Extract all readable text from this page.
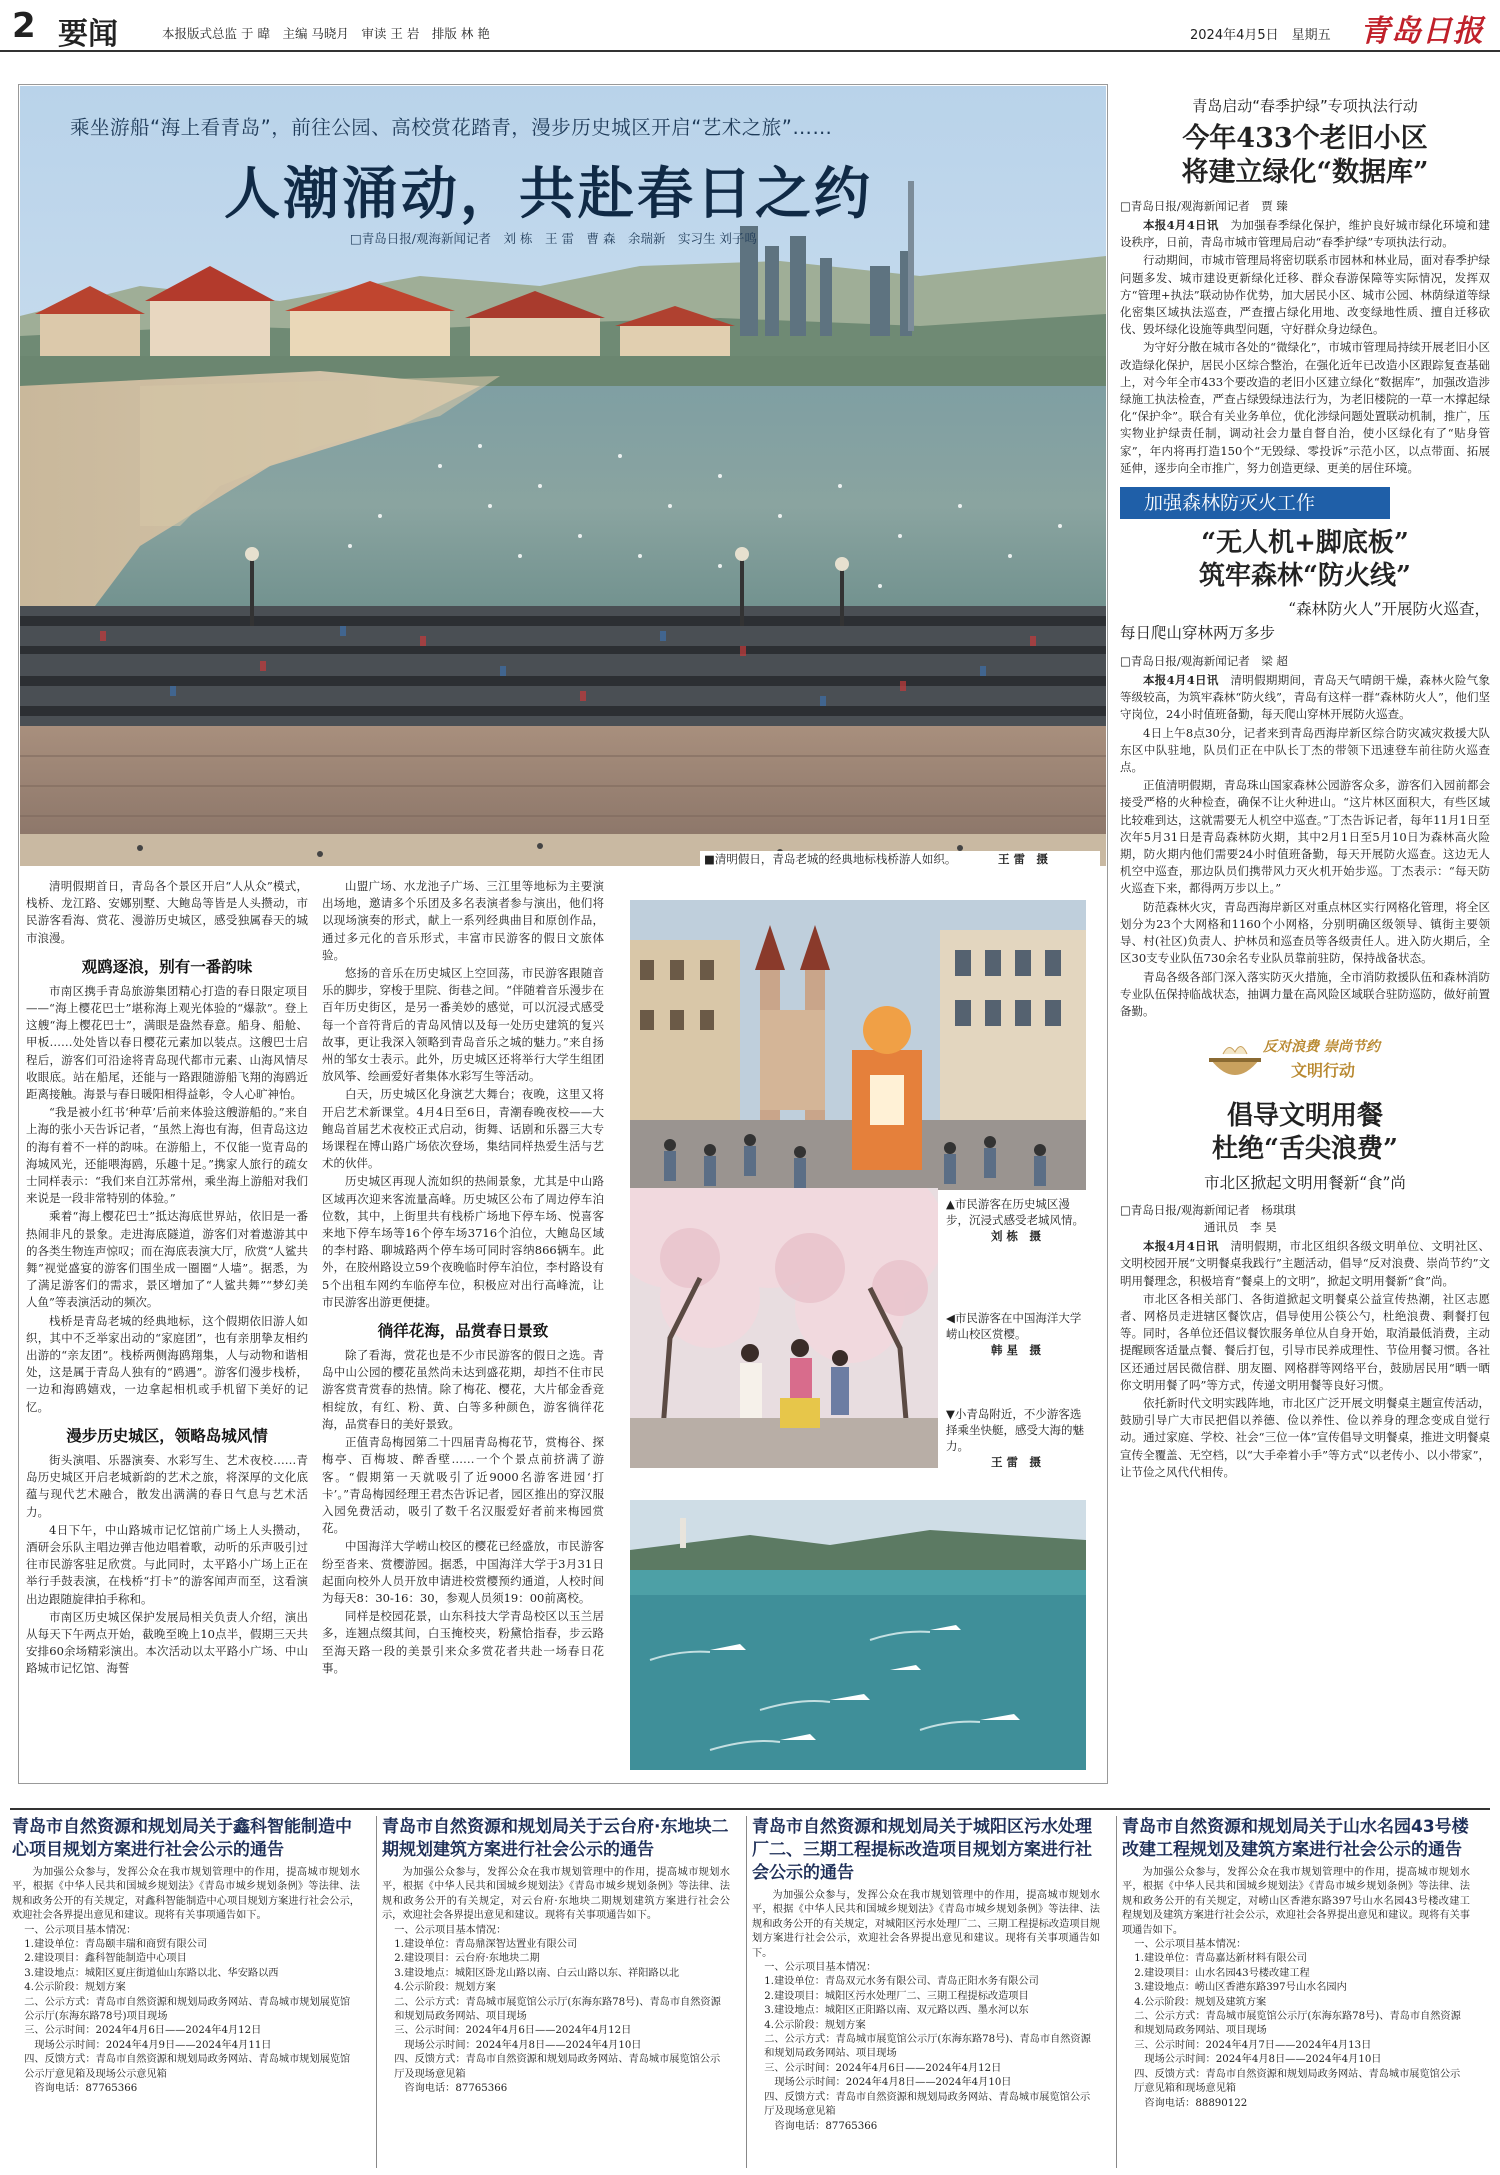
2 要闻	本报版式总监 于 暐　主编 马晓月　审读 王 岩　排版 林 艳	2024年4月5日　星期五 青岛日报
乘坐游船“海上看青岛”，前往公园、高校赏花踏青，漫步历史城区开启“艺术之旅”……
人潮涌动，共赴春日之约
□青岛日报/观海新闻记者　刘 栋　王 雷　曹 森　余瑞新　实习生 刘子鸣
■清明假日，青岛老城的经典地标栈桥游人如织。	王 雷　摄
清明假期首日，青岛各个景区开启“人从众”模式，栈桥、龙江路、安娜别墅、大鲍岛等皆是人头攒动，市民游客看海、赏花、漫游历史城区，感受独属春天的城市浪漫。
观鸥逐浪，别有一番韵味
市南区携手青岛旅游集团精心打造的春日限定项目——“海上樱花巴士”堪称海上观光体验的“爆款”。登上这艘“海上樱花巴士”，满眼是盎然春意。船身、船舱、甲板……处处皆以春日樱花元素加以装点。这艘巴士启程后，游客们可沿途将青岛现代都市元素、山海风情尽收眼底。站在船尾，还能与一路跟随游船飞翔的海鸥近距离接触。海景与春日暖阳相得益彰，令人心旷神怡。
“我是被小红书‘种草’后前来体验这艘游船的。”来自上海的张小天告诉记者，“虽然上海也有海，但青岛这边的海有着不一样的韵味。在游船上，不仅能一览青岛的海城风光，还能喂海鸥，乐趣十足。”携家人旅行的疏女士同样表示：“我们来自江苏常州，乘坐海上游船对我们来说是一段非常特别的体验。”
乘着“海上樱花巴士”抵达海底世界站，依旧是一番热闹非凡的景象。走进海底隧道，游客们对着遨游其中的各类生物连声惊叹；而在海底表演大厅，欣赏“人鲨共舞”视觉盛宴的游客们围坐成一圈圈“人墙”。据悉，为了满足游客们的需求，景区增加了“人鲨共舞”“梦幻美人鱼”等表演活动的频次。
栈桥是青岛老城的经典地标，这个假期依旧游人如织，其中不乏举家出动的“家庭团”，也有亲朋挚友相约出游的“亲友团”。栈桥两侧海鸥翔集，人与动物和谐相处，这是属于青岛人独有的“鸥遇”。游客们漫步栈桥，一边和海鸥嬉戏，一边拿起相机或手机留下美好的记忆。
漫步历史城区，领略岛城风情
街头演唱、乐器演奏、水彩写生、艺术夜校……青岛历史城区开启老城新韵的艺术之旅，将深厚的文化底蕴与现代艺术融合，散发出满满的春日气息与艺术活力。
4日下午，中山路城市记忆馆前广场上人头攒动，酒研会乐队主唱边弹吉他边唱着歌，动听的乐声吸引过往市民游客驻足欣赏。与此同时，太平路小广场上正在举行手鼓表演，在栈桥“打卡”的游客闻声而至，这看演出边跟随旋律拍手称和。
市南区历史城区保护发展局相关负责人介绍，演出从每天下午两点开始，截晚至晚上10点半，假期三天共安排60余场精彩演出。本次活动以太平路小广场、中山路城市记忆馆、海誓
山盟广场、水龙池子广场、三江里等地标为主要演出场地，邀请多个乐团及多名表演者参与演出，他们将以现场演奏的形式，献上一系列经典曲目和原创作品，通过多元化的音乐形式，丰富市民游客的假日文旅体验。
悠扬的音乐在历史城区上空回荡，市民游客跟随音乐的脚步，穿梭于里院、街巷之间。“伴随着音乐漫步在百年历史街区，是另一番美妙的感觉，可以沉浸式感受每一个音符背后的青岛风情以及每一处历史建筑的复兴故事，更让我深入领略到青岛音乐之城的魅力。”来自扬州的邹女士表示。此外，历史城区还将举行大学生组团放风筝、绘画爱好者集体水彩写生等活动。
白天，历史城区化身演艺大舞台；夜晚，这里又将开启艺术新课堂。4月4日至6日，青潮春晚夜校——大鲍岛首届艺术夜校正式启动，街舞、话剧和乐器三大专场课程在博山路广场依次登场，集结同样热爱生活与艺术的伙伴。
历史城区再现人流如织的热闹景象，尤其是中山路区域再次迎来客流量高峰。历史城区公布了周边停车泊位数，其中，上街里共有栈桥广场地下停车场、悦喜客来地下停车场等16个停车场3716个泊位，大鲍岛区域的李村路、聊城路两个停车场可同时容纳866辆车。此外，在胶州路设立59个夜晚临时停车泊位，李村路设有5个出租车网约车临停车位，积极应对出行高峰流，让市民游客出游更便捷。
徜徉花海，品赏春日景致
除了看海，赏花也是不少市民游客的假日之选。青岛中山公园的樱花虽然尚未达到盛花期，却挡不住市民游客赏青赏春的热情。除了梅花、樱花，大片郁金香竞相绽放，有红、粉、黄、白等多种颜色，游客徜徉花海，品赏春日的美好景致。
正值青岛梅园第二十四届青岛梅花节，赏梅谷、探梅亭、百梅坡、醉香壁……一个个景点前挤满了游客。“假期第一天就吸引了近9000名游客进园‘打卡’。”青岛梅园经理王君杰告诉记者，园区推出的穿汉服入园免费活动，吸引了数千名汉服爱好者前来梅园赏花。
中国海洋大学崂山校区的樱花已经盛放，市民游客纷至沓来、赏樱游园。据悉，中国海洋大学于3月31日起面向校外人员开放申请进校赏樱预约通道，人校时间为每天8：30-16：30，参观人员须19：00前离校。
同样是校园花景，山东科技大学青岛校区以玉兰居多，连翘点缀其间，白玉掩校夹，粉黛恰指春，步云路至海天路一段的美景引来众多赏花者共赴一场春日花事。
▲市民游客在历史城区漫步，沉浸式感受老城风情。
刘 栋　摄
◀市民游客在中国海洋大学崂山校区赏樱。
韩 星　摄
▼小青岛附近，不少游客选择乘坐快艇，感受大海的魅力。
王 雷　摄
青岛启动“春季护绿”专项执法行动
今年433个老旧小区
将建立绿化“数据库”
□青岛日报/观海新闻记者　贾 臻
本报4月4日讯　为加强春季绿化保护，维护良好城市绿化环境和建设秩序，日前，青岛市城市管理局启动“春季护绿”专项执法行动。
行动期间，市城市管理局将密切联系市园林和林业局，面对春季护绿问题多发、城市建设更新绿化迁移、群众春游保障等实际情况，发挥双方“管理+执法”联动协作优势，加大居民小区、城市公园、林荫绿道等绿化密集区域执法巡查，严查擅占绿化用地、改变绿地性质、擅自迁移砍伐、毁坏绿化设施等典型问题，守好群众身边绿色。
为守好分散在城市各处的“微绿化”，市城市管理局持续开展老旧小区改造绿化保护，居民小区综合整治，在强化近年已改造小区跟踪复查基础上，对今年全市433个要改造的老旧小区建立绿化“数据库”，加强改造涉绿施工执法检查，严查占绿毁绿违法行为，为老旧楼院的一草一木撑起绿化“保护伞”。联合有关业务单位，优化涉绿问题处置联动机制，推广，压实物业护绿责任制，调动社会力量自督自治，使小区绿化有了“贴身管家”，年内将再打造150个“无毁绿、零投诉”示范小区，以点带面、拓展延伸，逐步向全市推广，努力创造更绿、更美的居住环境。
加强森林防灭火工作
“无人机+脚底板”
筑牢森林“防火线”
“森林防火人”开展防火巡查，
每日爬山穿林两万多步
□青岛日报/观海新闻记者　梁 超
本报4月4日讯　清明假期期间，青岛天气晴朗干燥，森林火险气象等级较高，为筑牢森林“防火线”，青岛有这样一群“森林防火人”，他们坚守岗位，24小时值班备勤，每天爬山穿林开展防火巡查。
4日上午8点30分，记者来到青岛西海岸新区综合防灾减灾救援大队东区中队驻地，队员们正在中队长丁杰的带领下迅速登车前往防火巡查点。
正值清明假期，青岛珠山国家森林公园游客众多，游客们入园前都会接受严格的火种检查，确保不让火种进山。“这片林区面积大，有些区域比较难到达，这就需要无人机空中巡查。”丁杰告诉记者，每年11月1日至次年5月31日是青岛森林防火期，其中2月1日至5月10日为森林高火险期，防火期内他们需要24小时值班备勤，每天开展防火巡查。这边无人机空中巡查，那边队员们携带风力灭火机开始步巡。丁杰表示：“每天防火巡查下来，都得两万步以上。”
防范森林火灾，青岛西海岸新区对重点林区实行网格化管理，将全区划分为23个大网格和1160个小网格，分别明确区级领导、镇街主要领导、村(社区)负责人、护林员和巡查员等各级责任人。进入防火期后，全区30支专业队伍730余名专业队员靠前驻防，保持战备状态。
青岛各级各部门深入落实防灭火措施，全市消防救援队伍和森林消防专业队伍保持临战状态，抽调力量在高风险区域联合驻防巡防，做好前置备勤。
反对浪费 崇尚节约
文明行动
倡导文明用餐
杜绝“舌尖浪费”
市北区掀起文明用餐新“食”尚
□青岛日报/观海新闻记者　杨琪琪
通讯员　李 昊
本报4月4日讯　清明假期，市北区组织各级文明单位、文明社区、文明校园开展“文明餐桌我践行”主题活动，倡导“反对浪费、崇尚节约”文明用餐理念，积极培育“餐桌上的文明”，掀起文明用餐新“食”尚。
市北区各相关部门、各街道掀起文明餐桌公益宣传热潮，社区志愿者、网格员走进辖区餐饮店，倡导使用公筷公勺，杜绝浪费、剩餐打包等。同时，各单位还倡议餐饮服务单位从自身开始，取消最低消费，主动提醒顾客适量点餐、餐后打包，引导市民养成理性、节俭用餐习惯。各社区还通过居民微信群、朋友圈、网格群等网络平台，鼓励居民用“晒一晒你文明用餐了吗”等方式，传递文明用餐等良好习惯。
依托新时代文明实践阵地，市北区广泛开展文明餐桌主题宣传活动，鼓励引导广大市民把倡以养德、俭以养性、俭以养身的理念变成自觉行动。通过家庭、学校、社会“三位一体”宣传倡导文明餐桌，推进文明餐桌宣传全覆盖、无空档，以“大手牵着小手”等方式“以老传小、以小带家”，让节俭之风代代相传。
青岛市自然资源和规划局关于鑫科智能制造中心项目规划方案进行社会公示的通告
为加强公众参与，发挥公众在我市规划管理中的作用，提高城市规划水平，根据《中华人民共和国城乡规划法》《青岛市城乡规划条例》等法律、法规和政务公开的有关规定，对鑫科智能制造中心项目规划方案进行社会公示，欢迎社会各界提出意见和建议。现将有关事项通告如下。
一、公示项目基本情况：
1.建设单位：青岛颐丰瑞和商贸有限公司
2.建设项目：鑫科智能制造中心项目
3.建设地点：城阳区夏庄街道仙山东路以北、华安路以西
4.公示阶段：规划方案
二、公示方式：青岛市自然资源和规划局政务网站、青岛城市规划展览馆公示厅(东海东路78号)项目现场
三、公示时间：2024年4月6日——2024年4月12日
　现场公示时间：2024年4月9日——2024年4月11日
四、反馈方式：青岛市自然资源和规划局政务网站、青岛城市规划展览馆公示厅意见箱及现场公示意见箱
　咨询电话：87765366
青岛市自然资源和规划局关于云台府·东地块二期规划建筑方案进行社会公示的通告
为加强公众参与，发挥公众在我市规划管理中的作用，提高城市规划水平，根据《中华人民共和国城乡规划法》《青岛市城乡规划条例》等法律、法规和政务公开的有关规定，对云台府·东地块二期规划建筑方案进行社会公示，欢迎社会各界提出意见和建议。现将有关事项通告如下。
一、公示项目基本情况：
1.建设单位：青岛鼎深智达置业有限公司
2.建设项目：云台府·东地块二期
3.建设地点：城阳区卧龙山路以南、白云山路以东、祥阳路以北
4.公示阶段：规划方案
二、公示方式：青岛城市展览馆公示厅(东海东路78号)、青岛市自然资源和规划局政务网站、项目现场
三、公示时间：2024年4月6日——2024年4月12日
　现场公示时间：2024年4月8日——2024年4月10日
四、反馈方式：青岛市自然资源和规划局政务网站、青岛城市展览馆公示厅及现场意见箱
　咨询电话：87765366
青岛市自然资源和规划局关于城阳区污水处理厂二、三期工程提标改造项目规划方案进行社会公示的通告
为加强公众参与，发挥公众在我市规划管理中的作用，提高城市规划水平，根据《中华人民共和国城乡规划法》《青岛市城乡规划条例》等法律、法规和政务公开的有关规定，对城阳区污水处理厂二、三期工程提标改造项目规划方案进行社会公示，欢迎社会各界提出意见和建议。现将有关事项通告如下。
一、公示项目基本情况：
1.建设单位：青岛双元水务有限公司、青岛正阳水务有限公司
2.建设项目：城阳区污水处理厂二、三期工程提标改造项目
3.建设地点：城阳区正阳路以南、双元路以西、墨水河以东
4.公示阶段：规划方案
二、公示方式：青岛城市展览馆公示厅(东海东路78号)、青岛市自然资源和规划局政务网站、项目现场
三、公示时间：2024年4月6日——2024年4月12日
　现场公示时间：2024年4月8日——2024年4月10日
四、反馈方式：青岛市自然资源和规划局政务网站、青岛城市展览馆公示厅及现场意见箱
　咨询电话：87765366
青岛市自然资源和规划局关于山水名园43号楼改建工程规划及建筑方案进行社会公示的通告
为加强公众参与，发挥公众在我市规划管理中的作用，提高城市规划水平，根据《中华人民共和国城乡规划法》《青岛市城乡规划条例》等法律、法规和政务公开的有关规定，对崂山区香港东路397号山水名园43号楼改建工程规划及建筑方案进行社会公示，欢迎社会各界提出意见和建议。现将有关事项通告如下。
一、公示项目基本情况：
1.建设单位：青岛嘉达新材料有限公司
2.建设项目：山水名园43号楼改建工程
3.建设地点：崂山区香港东路397号山水名园内
4.公示阶段：规划及建筑方案
二、公示方式：青岛城市展览馆公示厅(东海东路78号)、青岛市自然资源和规划局政务网站、项目现场
三、公示时间：2024年4月7日——2024年4月13日
　现场公示时间：2024年4月8日——2024年4月10日
四、反馈方式：青岛市自然资源和规划局政务网站、青岛城市展览馆公示厅意见箱和现场意见箱
　咨询电话：88890122
